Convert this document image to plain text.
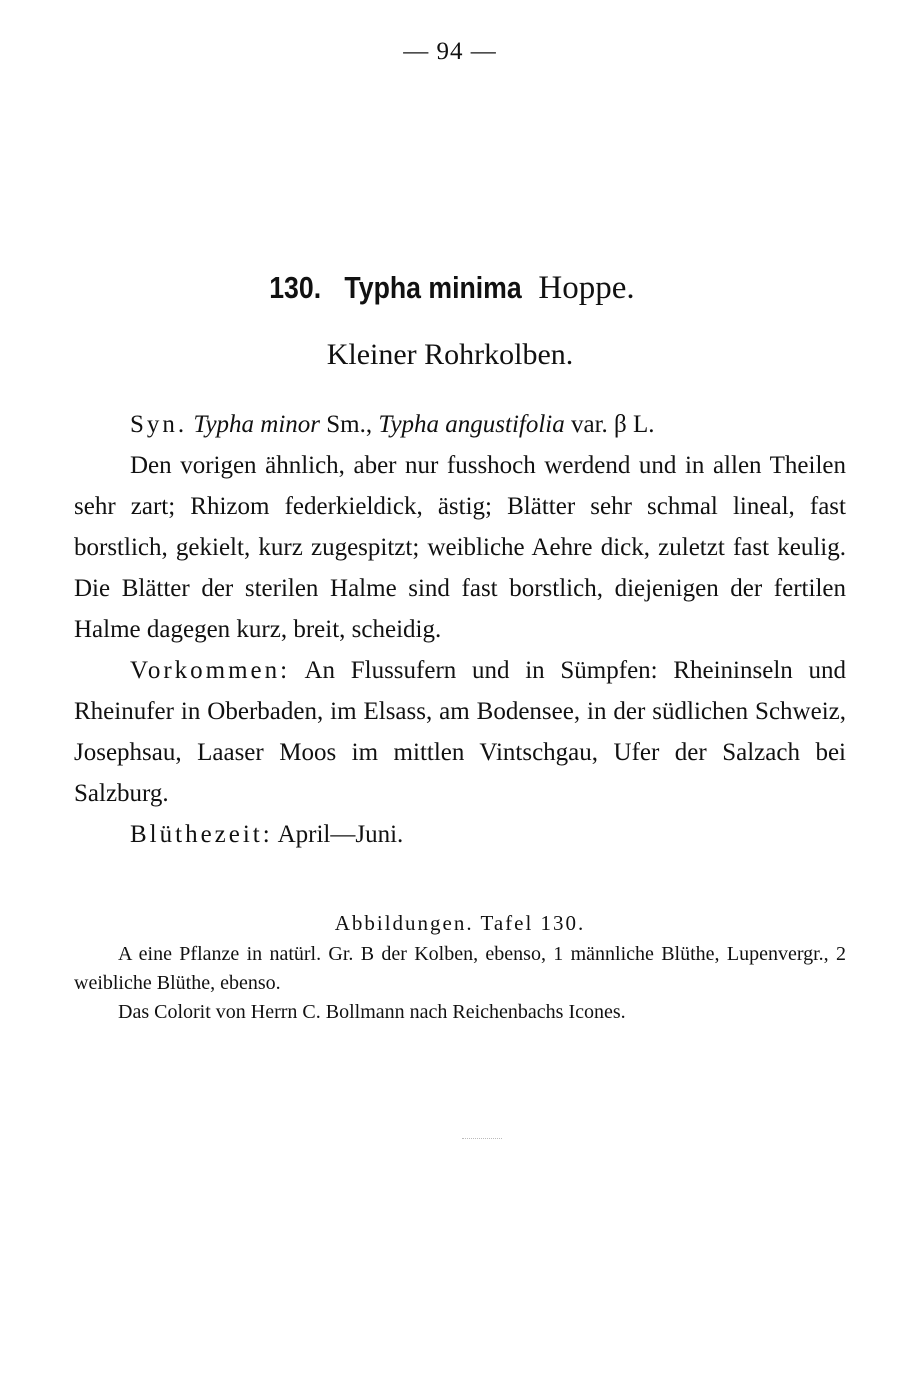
— 94 —
130. Typha minima Hoppe.
Kleiner Rohrkolben.

Syn. Typha minor Sm., Typha angustifolia var. β L.

Den vorigen ähnlich, aber nur fusshoch werdend und in allen Theilen sehr zart; Rhizom federkieldick, ästig; Blätter sehr schmal lineal, fast borstlich, gekielt, kurz zugespitzt; weibliche Aehre dick, zuletzt fast keulig. Die Blätter der sterilen Halme sind fast borstlich, diejenigen der fertilen Halme dagegen kurz, breit, scheidig.

Vorkommen: An Flussufern und in Sümpfen: Rheininseln und Rheinufer in Oberbaden, im Elsass, am Bodensee, in der südlichen Schweiz, Josephsau, Laaser Moos im mittlen Vintschgau, Ufer der Salzach bei Salzburg.

Blüthezeit: April—Juni.

Abbildungen. Tafel 130.

A eine Pflanze in natürl. Gr. B der Kolben, ebenso, 1 männliche Blüthe, Lupenvergr., 2 weibliche Blüthe, ebenso.

Das Colorit von Herrn C. Bollmann nach Reichenbachs Icones.
